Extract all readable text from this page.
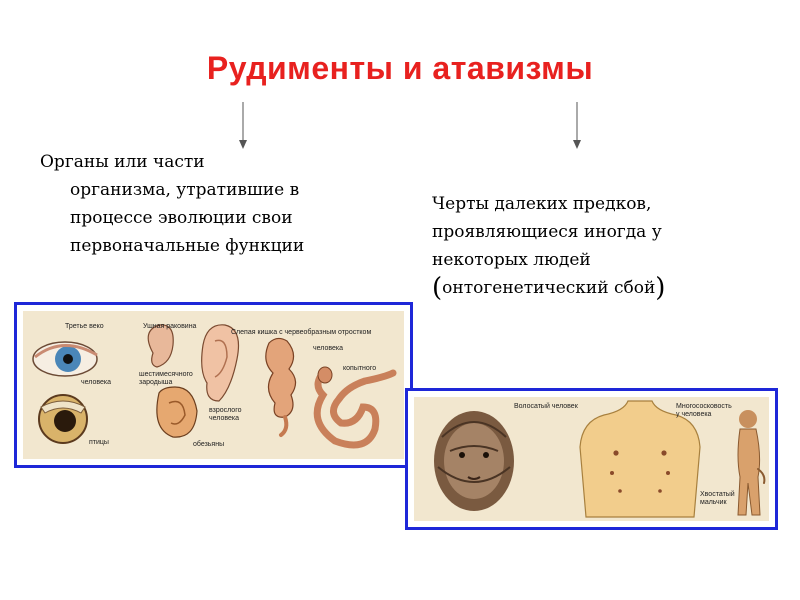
Рудименты и атавизмы
Органы или части
организма, утратившие в
процессе эволюции свои
первоначальные функции
Черты далеких предков,
проявляющиеся иногда у
некоторых людей
(онтогенетический сбой)
Третье веко
человека
птицы
Ушная раковина
шестимесячного зародыша
взрослого человека
обезьяны
Слепая кишка с червеобразным отростком
человека
копытного
Волосатый человек	Многососковость у человека
Хвостатый мальчик
